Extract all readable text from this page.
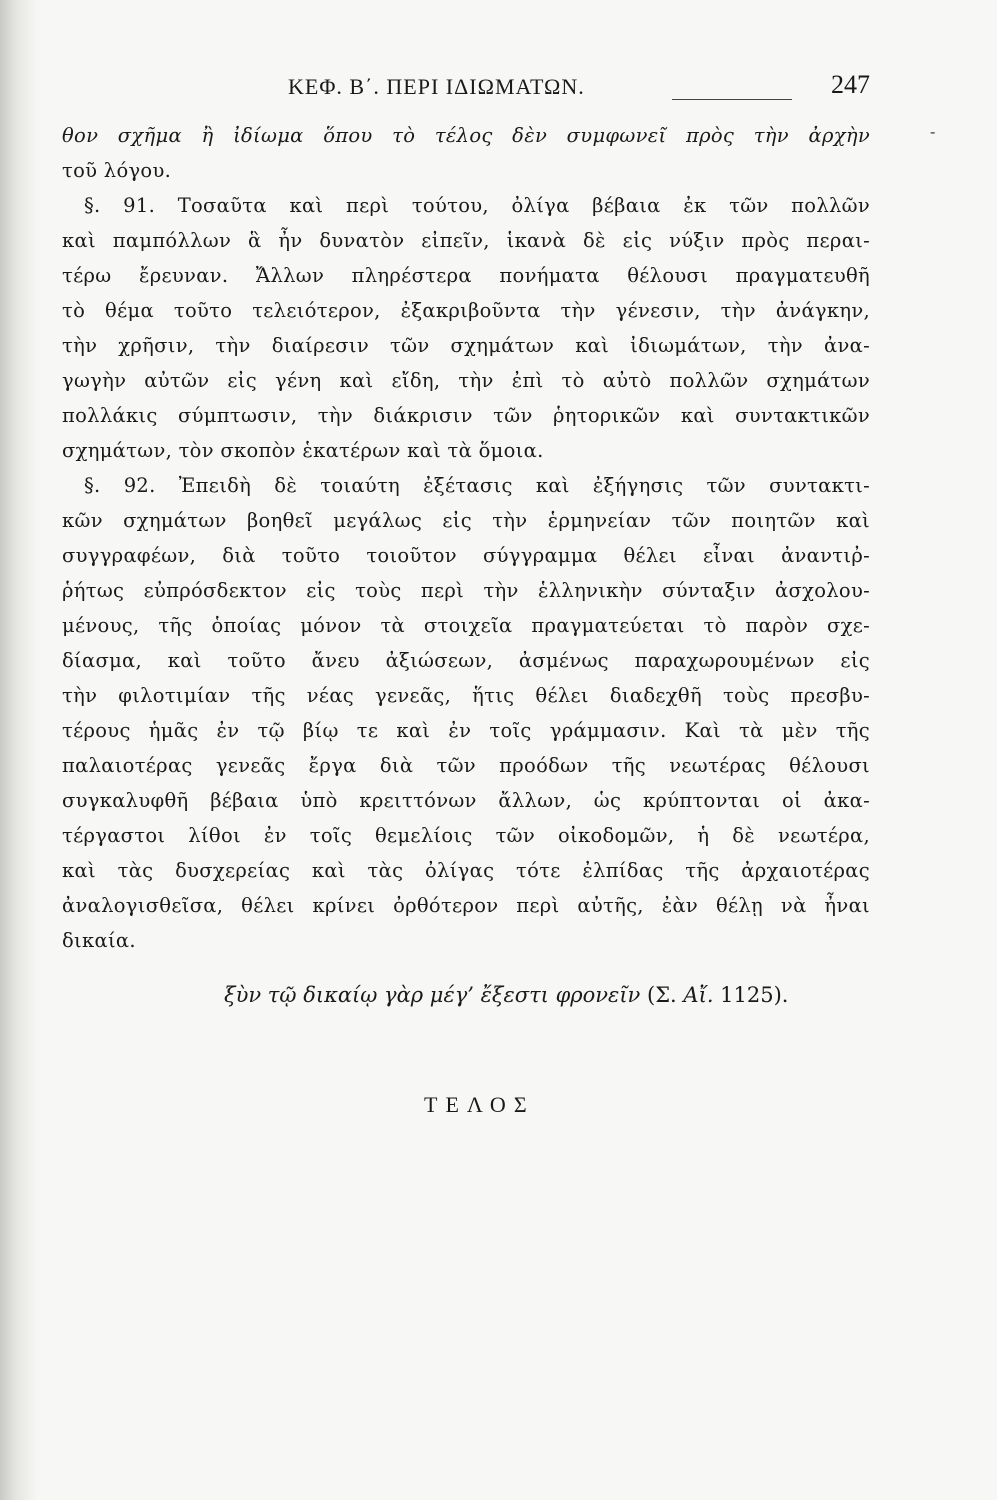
ΚΕΦ. Β΄. ΠΕΡΙ ΙΔΙΩΜΑΤΩΝ.	247
-
θον σχῆμα ἢ ἰδίωμα ὅπου τὸ τέλος δὲν συμφωνεῖ πρὸς τὴν ἀρχὴν
τοῦ λόγου.
§. 91. Τοσαῦτα καὶ περὶ τούτου, ὀλίγα βέβαια ἐκ τῶν πολλῶν
καὶ παμπόλλων ἃ ἦν δυνατὸν εἰπεῖν, ἱκανὰ δὲ εἰς νύξιν πρὸς περαι-
τέρω ἔρευναν. Ἄλλων πληρέστερα πονήματα θέλουσι πραγματευθῆ
τὸ θέμα τοῦτο τελειότερον, ἐξακριβοῦντα τὴν γένεσιν, τὴν ἀνάγκην,
τὴν χρῆσιν, τὴν διαίρεσιν τῶν σχημάτων καὶ ἰδιωμάτων, τὴν ἀνα-
γωγὴν αὐτῶν εἰς γένη καὶ εἴδη, τὴν ἐπὶ τὸ αὐτὸ πολλῶν σχημάτων
πολλάκις σύμπτωσιν, τὴν διάκρισιν τῶν ῥητορικῶν καὶ συντακτικῶν
σχημάτων, τὸν σκοπὸν ἑκατέρων καὶ τὰ ὅμοια.
§. 92. Ἐπειδὴ δὲ τοιαύτη ἐξέτασις καὶ ἐξήγησις τῶν συντακτι-
κῶν σχημάτων βοηθεῖ μεγάλως εἰς τὴν ἑρμηνείαν τῶν ποιητῶν καὶ
συγγραφέων, διὰ τοῦτο τοιοῦτον σύγγραμμα θέλει εἶναι ἀναντιῤ-
ῥήτως εὐπρόσδεκτον εἰς τοὺς περὶ τὴν ἑλληνικὴν σύνταξιν ἀσχολου-
μένους, τῆς ὁποίας μόνον τὰ στοιχεῖα πραγματεύεται τὸ παρὸν σχε-
δίασμα, καὶ τοῦτο ἄνευ ἀξιώσεων, ἀσμένως παραχωρουμένων εἰς
τὴν φιλοτιμίαν τῆς νέας γενεᾶς, ἥτις θέλει διαδεχθῆ τοὺς πρεσβυ-
τέρους ἡμᾶς ἐν τῷ βίῳ τε καὶ ἐν τοῖς γράμμασιν. Καὶ τὰ μὲν τῆς
παλαιοτέρας γενεᾶς ἔργα διὰ τῶν προόδων τῆς νεωτέρας θέλουσι
συγκαλυφθῆ βέβαια ὑπὸ κρειττόνων ἄλλων, ὡς κρύπτονται οἱ ἀκα-
τέργαστοι λίθοι ἐν τοῖς θεμελίοις τῶν οἰκοδομῶν, ἡ δὲ νεωτέρα,
καὶ τὰς δυσχερείας καὶ τὰς ὀλίγας τότε ἐλπίδας τῆς ἀρχαιοτέρας
ἀναλογισθεῖσα, θέλει κρίνει ὀρθότερον περὶ αὐτῆς, ἐὰν θέλῃ νὰ ἦναι
δικαία.
ξὺν τῷ δικαίῳ γὰρ μέγ’ ἔξεστι φρονεῖν (Σ. Αἴ. 1125).
ΤΕΛΟΣ
